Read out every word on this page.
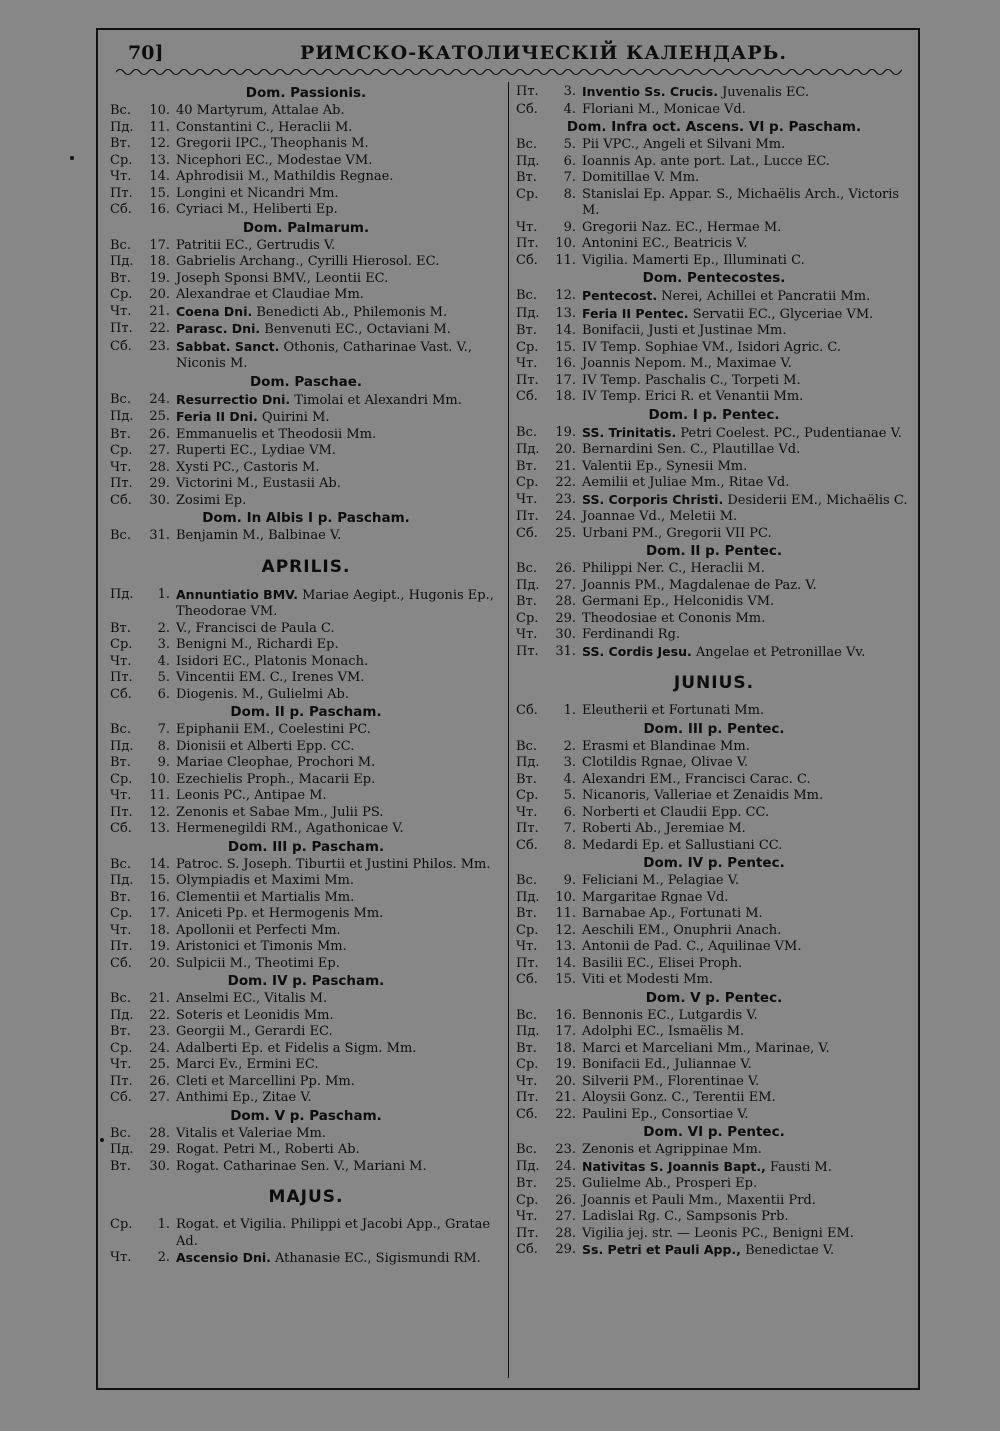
70]	РИМСКО-КАТОЛИЧЕСКІЙ КАЛЕНДАРЬ.
Dom. Passionis.
Вс.	10. 40 Martyrum, Attalae Ab.
Пд.	11. Constantini C., Heraclii M.
Вт.	12. Gregorii IPC., Theophanis M.
Ср.	13. Nicephori EC., Modestae VM.
Чт.	14. Aphrodisii M., Mathildis Regnae.
Пт.	15. Longini et Nicandri Mm.
Сб.	16. Cyriaci M., Heliberti Ep.
Dom. Palmarum.
Вс.	17. Patritii EC., Gertrudis V.
Пд.	18. Gabrielis Archang., Cyrilli Hierosol. EC.
Вт.	19. Joseph Sponsi BMV., Leontii EC.
Ср.	20. Alexandrae et Claudiae Mm.
Чт.	21. Coena Dni. Benedicti Ab., Philemonis M.
Пт.	22. Parasc. Dni. Benvenuti EC., Octaviani M.
Сб.	23. Sabbat. Sanct. Othonis, Catharinae Vast. V., Niconis M.
Dom. Paschae.
Вс.	24. Resurrectio Dni. Timolai et Alexandri Mm.
Пд.	25. Feria II Dni. Quirini M.
Вт.	26. Emmanuelis et Theodosii Mm.
Ср.	27. Ruperti EC., Lydiae VM.
Чт.	28. Xysti PC., Castoris M.
Пт.	29. Victorini M., Eustasii Ab.
Сб.	30. Zosimi Ep.
Dom. In Albis I p. Pascham.
Вс.	31. Benjamin M., Balbinae V.
APRILIS.
Пд.	1. Annuntiatio BMV. Mariae Aegipt., Hugonis Ep., Theodorae VM.
Вт.	2. V., Francisci de Paula C.
Ср.	3. Benigni M., Richardi Ep.
Чт.	4. Isidori EC., Platonis Monach.
Пт.	5. Vincentii EM. C., Irenes VM.
Сб.	6. Diogenis. M., Gulielmi Ab.
Dom. II p. Pascham.
Вс.	7. Epiphanii EM., Coelestini PC.
Пд.	8. Dionisii et Alberti Epp. CC.
Вт.	9. Mariae Cleophae, Prochori M.
Ср.	10. Ezechielis Proph., Macarii Ep.
Чт.	11. Leonis PC., Antipae M.
Пт.	12. Zenonis et Sabae Mm., Julii PS.
Сб.	13. Hermenegildi RM., Agathonicae V.
Dom. III p. Pascham.
Вс.	14. Patroc. S. Joseph. Tiburtii et Justini Philos. Mm.
Пд.	15. Olympiadis et Maximi Mm.
Вт.	16. Clementii et Martialis Mm.
Ср.	17. Aniceti Pp. et Hermogenis Mm.
Чт.	18. Apollonii et Perfecti Mm.
Пт.	19. Aristonici et Timonis Mm.
Сб.	20. Sulpicii M., Theotimi Ep.
Dom. IV p. Pascham.
Вс.	21. Anselmi EC., Vitalis M.
Пд.	22. Soteris et Leonidis Mm.
Вт.	23. Georgii M., Gerardi EC.
Ср.	24. Adalberti Ep. et Fidelis a Sigm. Mm.
Чт.	25. Marci Ev., Ermini EC.
Пт.	26. Cleti et Marcellini Pp. Mm.
Сб.	27. Anthimi Ep., Zitae V.
Dom. V p. Pascham.
Вс.	28. Vitalis et Valeriae Mm.
Пд.	29. Rogat. Petri M., Roberti Ab.
Вт.	30. Rogat. Catharinae Sen. V., Mariani M.
MAJUS.
Ср.	1. Rogat. et Vigilia. Philippi et Jacobi App., Gratae Ad.
Чт.	2. Ascensio Dni. Athanasie EC., Sigismundi RM.
Пт.	3. Inventio Ss. Crucis. Juvenalis EC.
Сб.	4. Floriani M., Monicae Vd.
Dom. Infra oct. Ascens. VI p. Pascham.
Вс.	5. Pii VPC., Angeli et Silvani Mm.
Пд.	6. Ioannis Ap. ante port. Lat., Lucce EC.
Вт.	7. Domitillae V. Mm.
Ср.	8. Stanislai Ep. Appar. S., Michaëlis Arch., Victoris M.
Чт.	9. Gregorii Naz. EC., Hermae M.
Пт.	10. Antonini EC., Beatricis V.
Сб.	11. Vigilia. Mamerti Ep., Illuminati C.
Dom. Pentecostes.
Вс.	12. Pentecost. Nerei, Achillei et Pancratii Mm.
Пд.	13. Feria II Pentec. Servatii EC., Glyceriae VM.
Вт.	14. Bonifacii, Justi et Justinae Mm.
Ср.	15. IV Temp. Sophiae VM., Isidori Agric. C.
Чт.	16. Joannis Nepom. M., Maximae V.
Пт.	17. IV Temp. Paschalis C., Torpeti M.
Сб.	18. IV Temp. Erici R. et Venantii Mm.
Dom. I p. Pentec.
Вс.	19. SS. Trinitatis. Petri Coelest. PC., Pudentianae V.
Пд.	20. Bernardini Sen. C., Plautillae Vd.
Вт.	21. Valentii Ep., Synesii Mm.
Ср.	22. Aemilii et Juliae Mm., Ritae Vd.
Чт.	23. SS. Corporis Christi. Desiderii EM., Michaëlis C.
Пт.	24. Joannae Vd., Meletii M.
Сб.	25. Urbani PM., Gregorii VII PC.
Dom. II p. Pentec.
Вс.	26. Philippi Ner. C., Heraclii M.
Пд.	27. Joannis PM., Magdalenae de Paz. V.
Вт.	28. Germani Ep., Helconidis VM.
Ср.	29. Theodosiae et Cononis Mm.
Чт.	30. Ferdinandi Rg.
Пт.	31. SS. Cordis Jesu. Angelae et Petronillae Vv.
JUNIUS.
Сб.	1. Eleutherii et Fortunati Mm.
Dom. III p. Pentec.
Вс.	2. Erasmi et Blandinae Mm.
Пд.	3. Clotildis Rgnae, Olivae V.
Вт.	4. Alexandri EM., Francisci Carac. C.
Ср.	5. Nicanoris, Valleriae et Zenaidis Mm.
Чт.	6. Norberti et Claudii Epp. CC.
Пт.	7. Roberti Ab., Jeremiae M.
Сб.	8. Medardi Ep. et Sallustiani CC.
Dom. IV p. Pentec.
Вс.	9. Feliciani M., Pelagiae V.
Пд.	10. Margaritae Rgnae Vd.
Вт.	11. Barnabae Ap., Fortunati M.
Ср.	12. Aeschili EM., Onuphrii Anach.
Чт.	13. Antonii de Pad. C., Aquilinae VM.
Пт.	14. Basilii EC., Elisei Proph.
Сб.	15. Viti et Modesti Mm.
Dom. V p. Pentec.
Вс.	16. Bennonis EC., Lutgardis V.
Пд.	17. Adolphi EC., Ismaëlis M.
Вт.	18. Marci et Marceliani Mm., Marinae, V.
Ср.	19. Bonifacii Ed., Juliannae V.
Чт.	20. Silverii PM., Florentinae V.
Пт.	21. Aloysii Gonz. C., Terentii EM.
Сб.	22. Paulini Ep., Consortiae V.
Dom. VI p. Pentec.
Вс.	23. Zenonis et Agrippinae Mm.
Пд.	24. Nativitas S. Joannis Bapt., Fausti M.
Вт.	25. Gulielme Ab., Prosperi Ep.
Ср.	26. Joannis et Pauli Mm., Maxentii Prd.
Чт.	27. Ladislai Rg. C., Sampsonis Prb.
Пт.	28. Vigilia jej. str. — Leonis PC., Benigni EM.
Сб.	29. Ss. Petri et Pauli App., Benedictae V.
